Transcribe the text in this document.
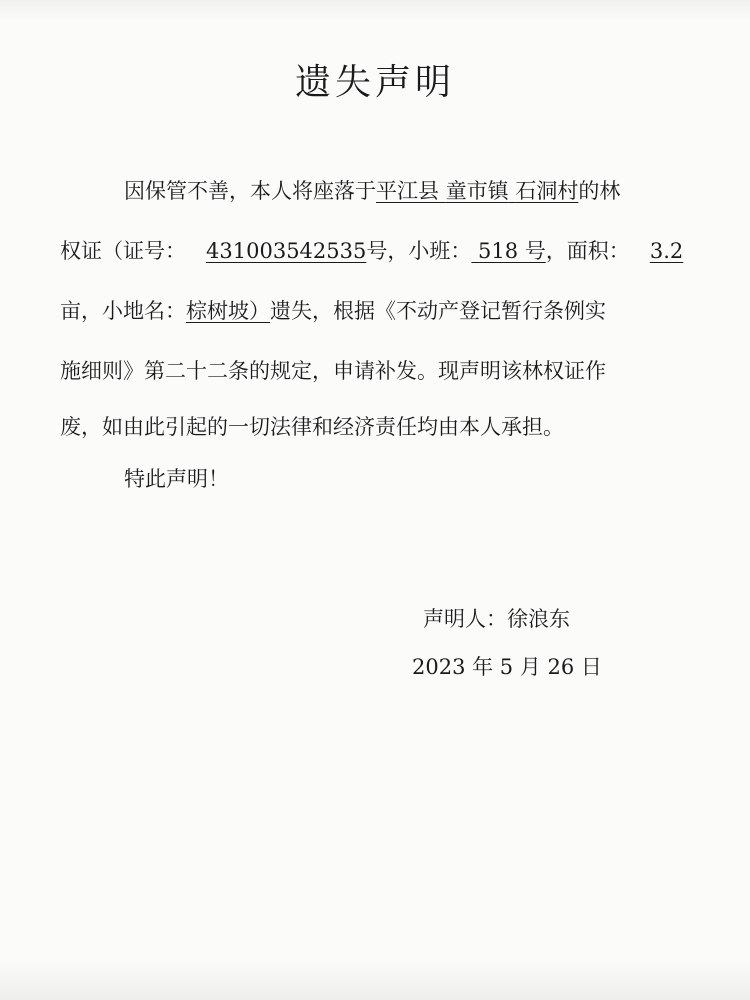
遗失声明
因保管不善，本人将座落于平江县 童市镇 石洞村的林
权证（证号： 431003542535号，小班： 518 号，面积： 3.2
亩，小地名：棕树坡）遗失，根据《不动产登记暂行条例实
施细则》第二十二条的规定，申请补发。现声明该林权证作
废，如由此引起的一切法律和经济责任均由本人承担。
特此声明！
声明人：徐浪东
2023 年 5 月 26 日
